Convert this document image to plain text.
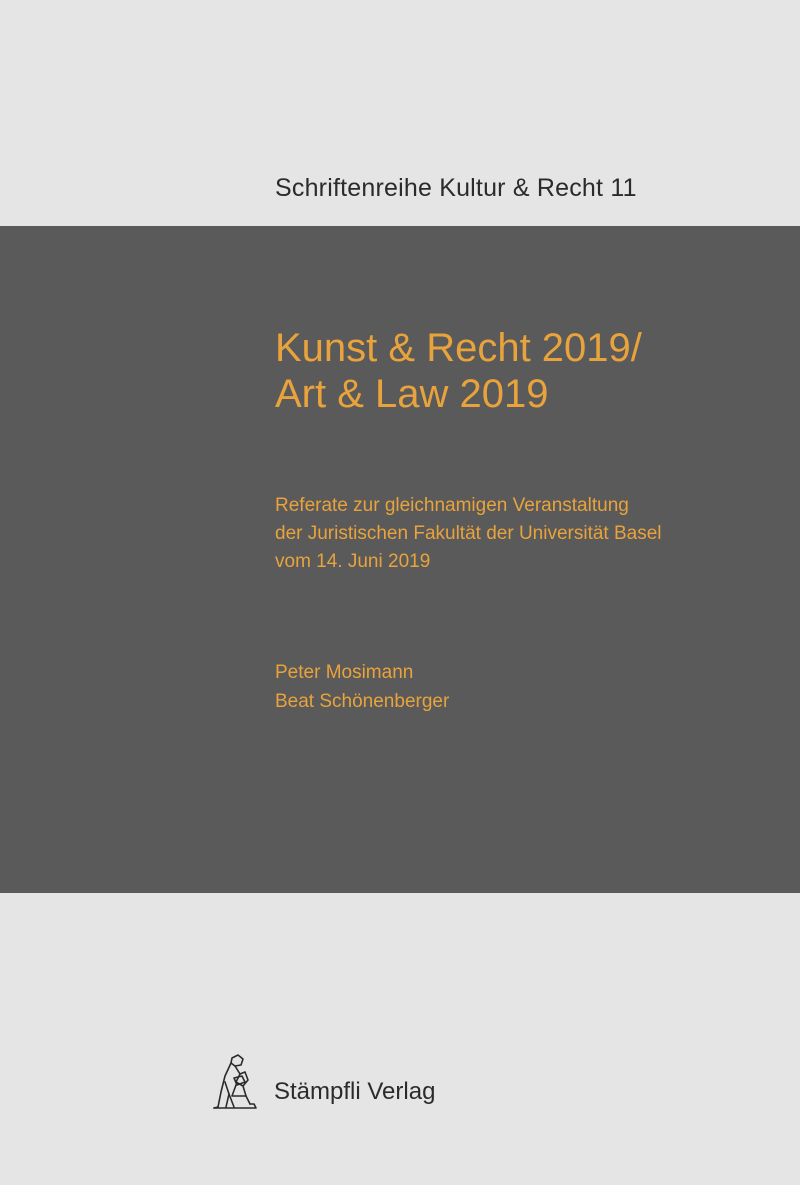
Schriftenreihe Kultur & Recht 11
Kunst & Recht 2019/
Art & Law 2019
Referate zur gleichnamigen Veranstaltung
der Juristischen Fakultät der Universität Basel
vom 14. Juni 2019
Peter Mosimann
Beat Schönenberger
Stämpfli Verlag
